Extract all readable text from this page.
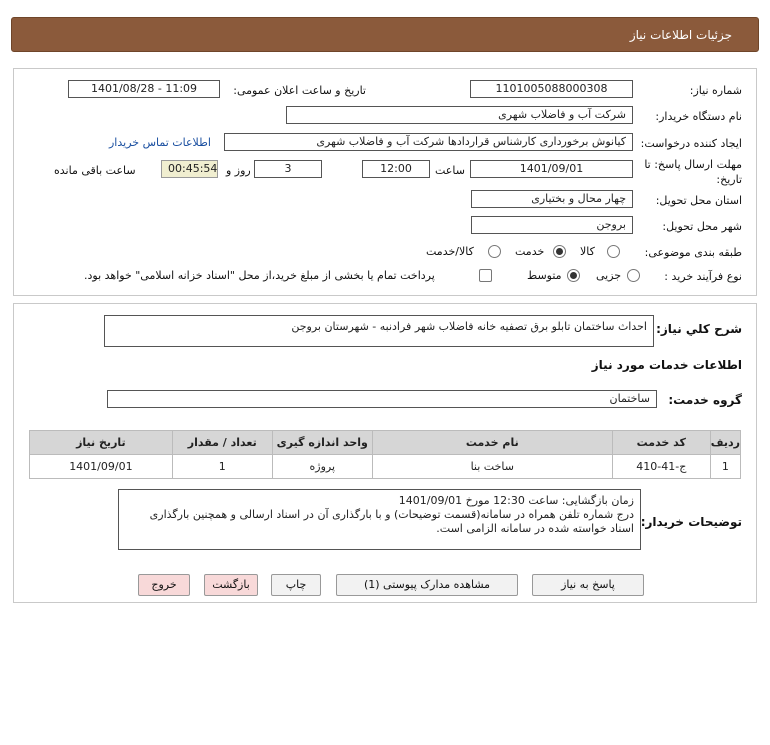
جزئیات اطلاعات نیاز
شماره نیاز:
1101005088000308
تاریخ و ساعت اعلان عمومی:
1401/08/28 - 11:09
نام دستگاه خریدار:
شرکت آب و فاضلاب شهری
ایجاد کننده درخواست:
کیانوش برخورداری کارشناس قراردادها شرکت آب و فاضلاب شهری
اطلاعات تماس خریدار
مهلت ارسال پاسخ: تا تاریخ:
1401/09/01
ساعت
12:00
3
روز و
00:45:54
ساعت باقی مانده
استان محل تحویل:
چهار محال و بختیاری
شهر محل تحویل:
بروجن
طبقه بندی موضوعی:
کالا
خدمت
کالا/خدمت
نوع فرآیند خرید :
جزیی
متوسط
پرداخت تمام یا بخشی از مبلغ خرید،از محل "اسناد خزانه اسلامی" خواهد بود.
شرح كلي نياز:
احداث ساختمان تابلو برق تصفیه خانه فاضلاب شهر فرادنبه - شهرستان بروجن
اطلاعات خدمات مورد نياز
گروه خدمت:
ساختمان
ردیف	کد خدمت	نام خدمت	واحد اندازه گیری	تعداد / مقدار	تاریخ نیاز
1	ج-41-410	ساخت بنا	پروژه	1	1401/09/01
توضیحات خریدار:
زمان بازگشایی: ساعت 12:30 مورخ 1401/09/01
درج شماره تلفن همراه در سامانه(قسمت توضیحات) و با بارگذاری آن در اسناد ارسالی و همچنین بارگذاری اسناد خواسته شده در سامانه الزامی است.
پاسخ به نیاز
مشاهده مدارک پیوستی (1)
چاپ
بازگشت
خروج
